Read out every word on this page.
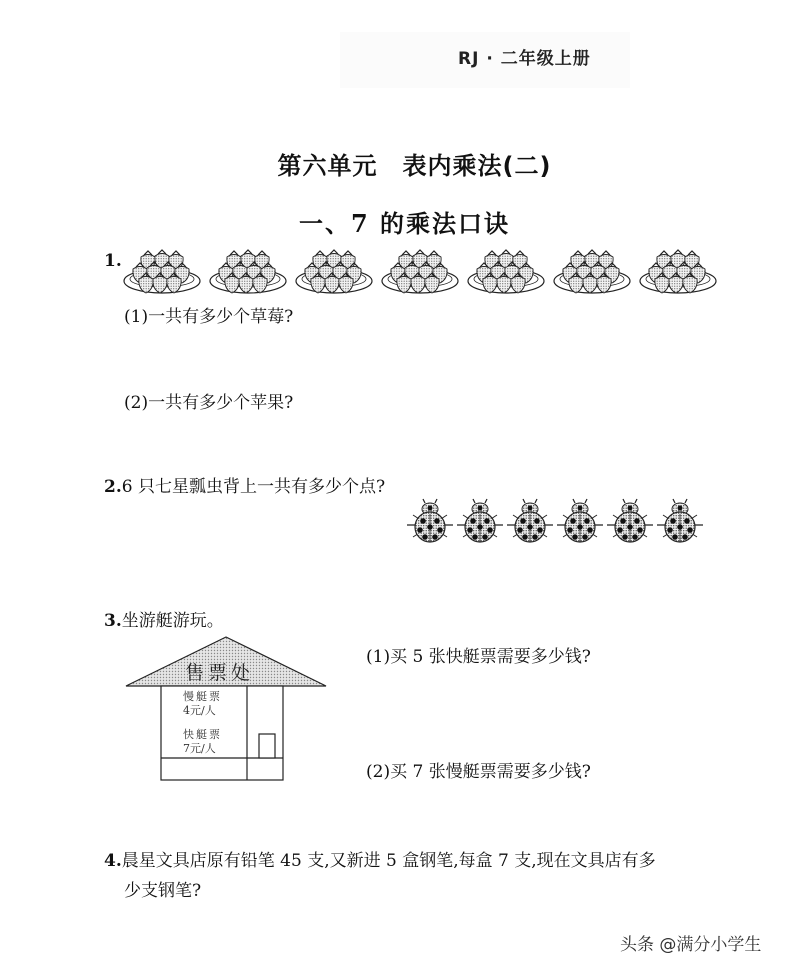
RJ · 二年级上册
第六单元　表内乘法(二)
一、7 的乘法口诀
1.
(1)一共有多少个草莓?
(2)一共有多少个苹果?
2.6 只七星瓢虫背上一共有多少个点?
3.坐游艇游玩。
售票处
慢艇票
4元/人
快艇票
7元/人
(1)买 5 张快艇票需要多少钱?
(2)买 7 张慢艇票需要多少钱?
4.晨星文具店原有铅笔 45 支,又新进 5 盒钢笔,每盒 7 支,现在文具店有多
少支钢笔?
头条 @满分小学生
